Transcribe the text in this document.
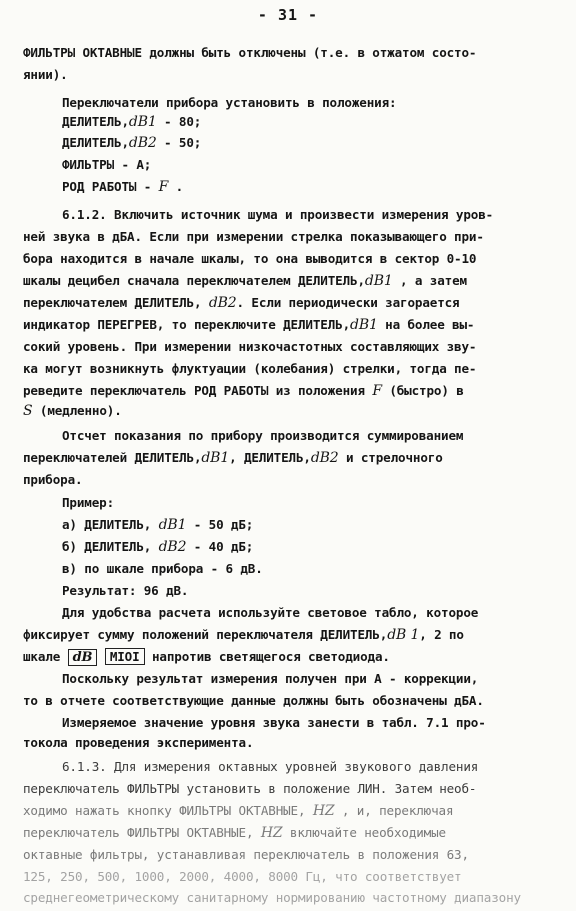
- 31 -
ФИЛЬТРЫ ОКТАВНЫЕ должны быть отключены (т.е. в отжатом состо-
янии).
Переключатели прибора установить в положения:
ДЕЛИТЕЛЬ,dB1 - 80;
ДЕЛИТЕЛЬ,dB2 - 50;
ФИЛЬТРЫ - А;
РОД РАБОТЫ - F .
6.1.2. Включить источник шума и произвести измерения уров-
ней звука в дБА. Если при измерении стрелка показывающего при-
бора находится в начале шкалы, то она выводится в сектор 0-10
шкалы децибел сначала переключателем ДЕЛИТЕЛЬ,dB1 , а затем
переключателем ДЕЛИТЕЛЬ, dB2. Если периодически загорается
индикатор ПЕРЕГРЕВ, то переключите ДЕЛИТЕЛЬ,dB1 на более вы-
сокий уровень. При измерении низкочастотных составляющих зву-
ка могут возникнуть флуктуации (колебания) стрелки, тогда пе-
реведите переключатель РОД РАБОТЫ из положения F (быстро) в
S (медленно).
Отсчет показания по прибору производится суммированием
переключателей ДЕЛИТЕЛЬ,dB1, ДЕЛИТЕЛЬ,dB2 и стрелочного
прибора.
Пример:
а) ДЕЛИТЕЛЬ, dB1 - 50 дБ;
б) ДЕЛИТЕЛЬ, dB2 - 40 дБ;
в) по шкале прибора - 6 дВ.
Результат: 96 дВ.
Для удобства расчета используйте световое табло, которое
фиксирует сумму положений переключателя ДЕЛИТЕЛЬ,dB 1, 2 по
шкале dB MIOI напротив светящегося светодиода.
Поскольку результат измерения получен при А - коррекции,
то в отчете соответствующие данные должны быть обозначены дБА.
Измеряемое значение уровня звука занести в табл. 7.1 про-
токола проведения эксперимента.
6.1.3. Для измерения октавных уровней звукового давления
переключатель ФИЛЬТРЫ установить в положение ЛИН. Затем необ-
ходимо нажать кнопку ФИЛЬТРЫ ОКТАВНЫЕ, HZ , и, переключая
переключатель ФИЛЬТРЫ ОКТАВНЫЕ, HZ включайте необходимые
октавные фильтры, устанавливая переключатель в положения 63,
125, 250, 500, 1000, 2000, 4000, 8000 Гц, что соответствует
среднегеометрическому санитарному нормированию частотному диапазону
